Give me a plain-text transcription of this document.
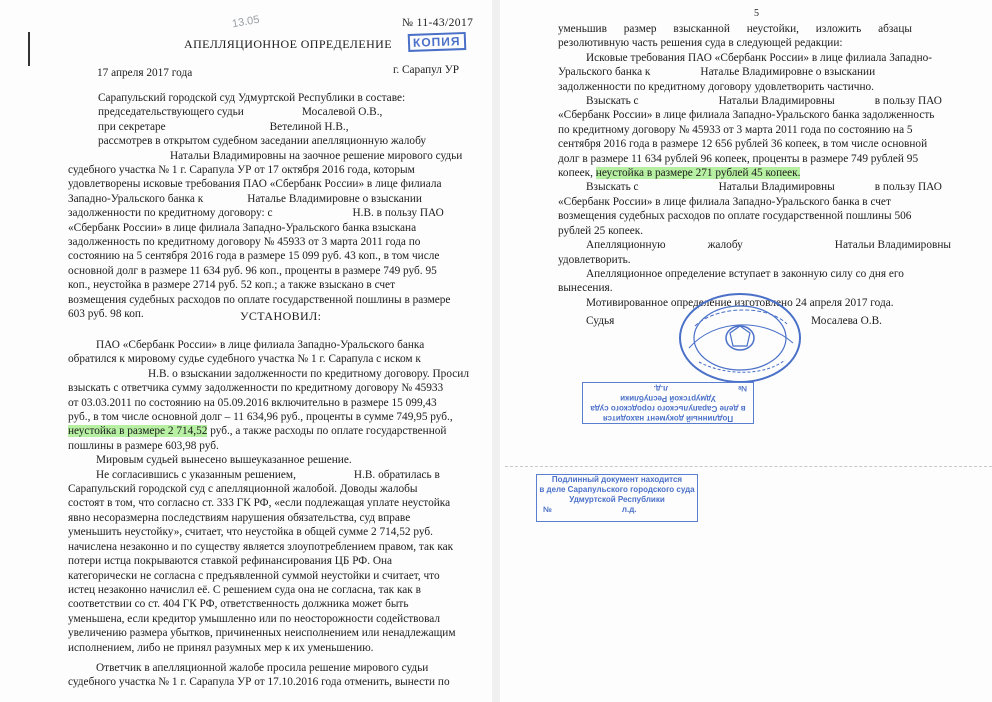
13.05	№ 11-43/2017
КОПИЯ
АПЕЛЛЯЦИОННОЕ ОПРЕДЕЛЕНИЕ
17 апреля 2017 года	г. Сарапул УР

Сарапульский городской суд Удмуртской Республики в составе:

председательствующего судьи	Мосалевой О.В.,

при секретаре	Ветелиной Н.В.,

рассмотрев в открытом судебном заседании апелляционную жалобу

Натальи Владимировны на заочное решение мирового судьи

судебного участка № 1 г. Сарапула УР от 17 октября 2016 года, которым

удовлетворены исковые требования ПАО «Сбербанк России» в лице филиала

Западно-Уральского банка к	Наталье Владимировне о взыскании

задолженности по кредитному договору: с	Н.В. в пользу ПАО

«Сбербанк России» в лице филиала Западно-Уральского банка взыскана

задолженность по кредитному договору № 45933 от 3 марта 2011 года по

состоянию на 5 сентября 2016 года в размере 15 099 руб. 43 коп., в том числе

основной долг в размере 11 634 руб. 96 коп., проценты в размере 749 руб. 95

коп., неустойка в размере 2714 руб. 52 коп.; а также взыскано в счет

возмещения судебных расходов по оплате государственной пошлины в размере

603 руб. 98 коп.	УСТАНОВИЛ:

ПАО «Сбербанк России» в лице филиала Западно-Уральского банка

обратился к мировому судье судебного участка № 1 г. Сарапула с иском к

Н.В. о взыскании задолженности по кредитному договору. Просил

взыскать с ответчика сумму задолженности по кредитному договору № 45933

от 03.03.2011 по состоянию на 05.09.2016 включительно в размере 15 099,43

руб., в том числе основной долг – 11 634,96 руб., проценты в сумме 749,95 руб.,

неустойка в размере 2 714,52 руб., а также расходы по оплате государственной

пошлины в размере 603,98 руб.

Мировым судьей вынесено вышеуказанное решение.

Не согласившись с указанным решением,	Н.В. обратилась в

Сарапульский городской суд с апелляционной жалобой. Доводы жалобы

состоят в том, что согласно ст. 333 ГК РФ, «если подлежащая уплате неустойка

явно несоразмерна последствиям нарушения обязательства, суд вправе

уменьшить неустойку», считает, что неустойка в общей сумме 2 714,52 руб.

начислена незаконно и по существу является злоупотреблением правом, так как

потери истца покрываются ставкой рефинансирования ЦБ РФ. Она

категорически не согласна с предъявленной суммой неустойки и считает, что

истец незаконно начислил её. С решением суда она не согласна, так как в

соответствии со ст. 404 ГК РФ, ответственность должника может быть

уменьшена, если кредитор умышленно или по неосторожности содействовал

увеличению размера убытков, причиненных неисполнением или ненадлежащим

исполнением, либо не принял разумных мер к их уменьшению.

Ответчик в апелляционной жалобе просила решение мирового судьи

судебного участка № 1 г. Сарапула УР от 17.10.2016 года отменить, вынести по

5

уменьшив размер взысканной неустойки, изложить абзацы

резолютивную часть решения суда в следующей редакции:

Исковые требования ПАО «Сбербанк России» в лице филиала Западно-

Уральского банка к	Наталье Владимировне о взыскании

задолженности по кредитному договору удовлетворить частично.

Взыскать с	Натальи Владимировны	в пользу ПАО

«Сбербанк России» в лице филиала Западно-Уральского банка задолженность

по кредитному договору № 45933 от 3 марта 2011 года по состоянию на 5

сентября 2016 года в размере 12 656 рублей 36 копеек, в том числе основной

долг в размере 11 634 рублей 96 копеек, проценты в размере 749 рублей 95

копеек, неустойка в размере 271 рублей 45 копеек.

Взыскать с	Натальи Владимировны	в пользу ПАО

«Сбербанк России» в лице филиала Западно-Уральского банка в счет

возмещения судебных расходов по оплате государственной пошлины 506

рублей 25 копеек.

Апелляционную	жалобу	Натальи Владимировны

удовлетворить.

Апелляционное определение вступает в законную силу со дня его

вынесения.

Мотивированное определение изготовлено 24 апреля 2017 года.

Судья	Мосалева О.В.
Подлинный документ находится
в деле Сарапульского городского суда
Удмуртской Республики
№л.д.
Подлинный документ находится
в деле Сарапульского городского суда
Удмуртской Республики
№	л.д.
